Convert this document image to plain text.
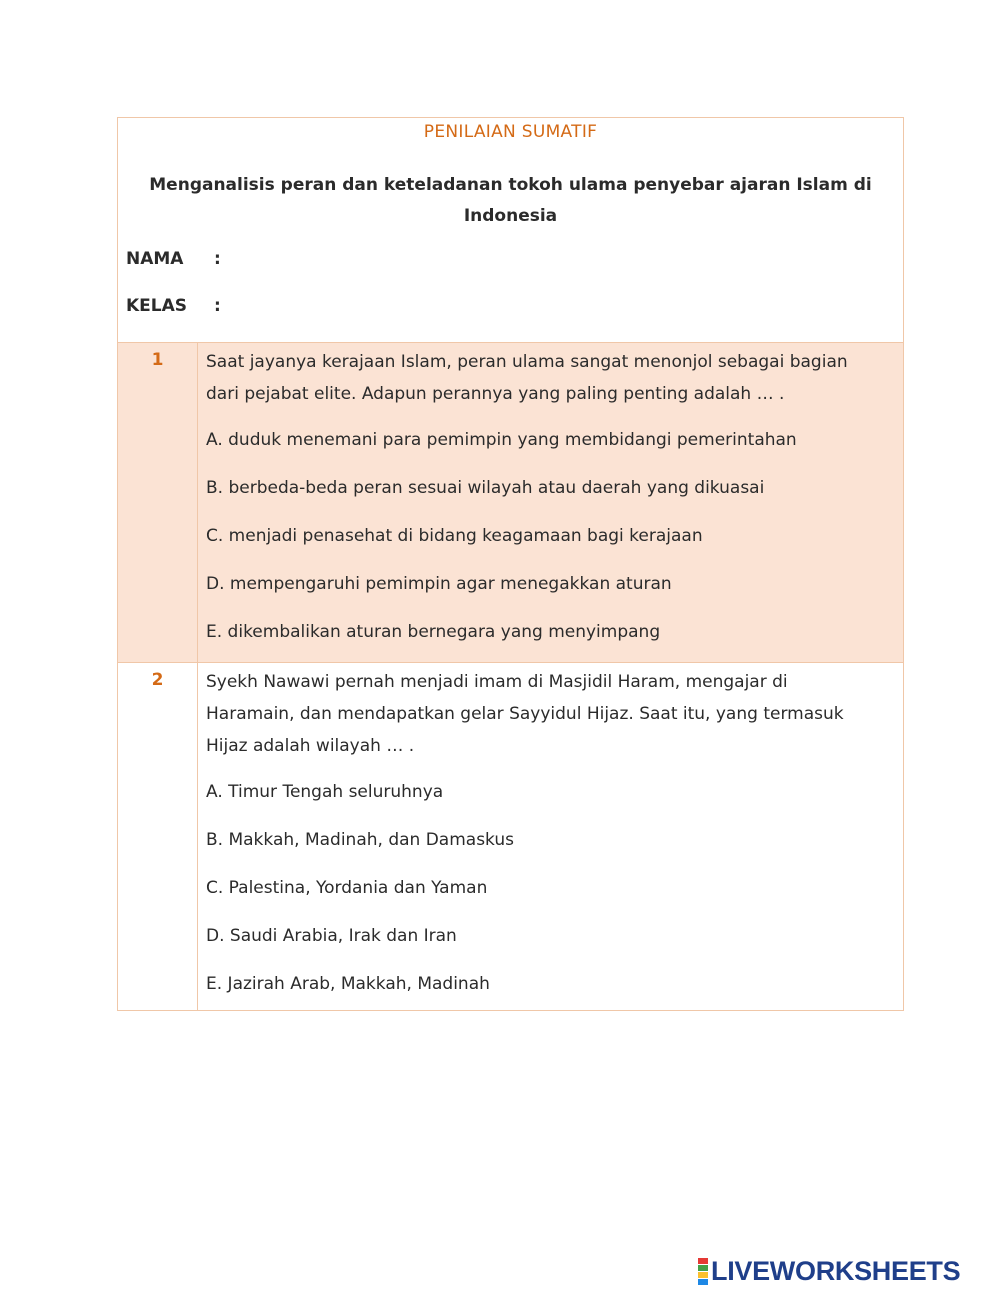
PENILAIAN SUMATIF
Menganalisis peran dan keteladanan tokoh ulama penyebar ajaran Islam di
Indonesia
NAMA :
KELAS :
1	Saat jayanya kerajaan Islam, peran ulama sangat menonjol sebagai bagian
dari pejabat elite. Adapun perannya yang paling penting adalah … .
A. duduk menemani para pemimpin yang membidangi pemerintahan
B. berbeda-beda peran sesuai wilayah atau daerah yang dikuasai
C. menjadi penasehat di bidang keagamaan bagi kerajaan
D. mempengaruhi pemimpin agar menegakkan aturan
E. dikembalikan aturan bernegara yang menyimpang
2	Syekh Nawawi pernah menjadi imam di Masjidil Haram, mengajar di
Haramain, dan mendapatkan gelar Sayyidul Hijaz. Saat itu, yang termasuk
Hijaz adalah wilayah … .
A. Timur Tengah seluruhnya
B. Makkah, Madinah, dan Damaskus
C. Palestina, Yordania dan Yaman
D. Saudi Arabia, Irak dan Iran
E. Jazirah Arab, Makkah, Madinah
LIVEWORKSHEETS
